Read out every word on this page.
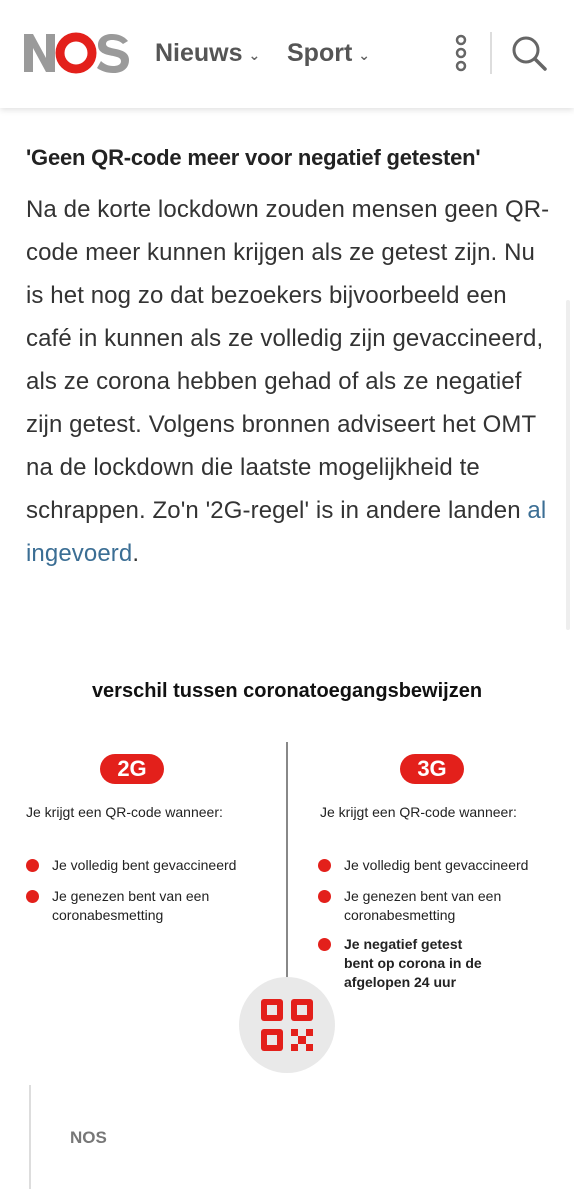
Nieuws ⌄ Sport ⌄
'Geen QR-code meer voor negatief getesten'

Na de korte lockdown zouden mensen geen QR-code meer kunnen krijgen als ze getest zijn. Nu is het nog zo dat bezoekers bijvoorbeeld een café in kunnen als ze volledig zijn gevaccineerd, als ze corona hebben gehad of als ze negatief zijn getest. Volgens bronnen adviseert het OMT na de lockdown die laatste mogelijkheid te schrappen. Zo'n '2G-regel' is in andere landen al ingevoerd.

verschil tussen coronatoegangsbewijzen
2G	3G
Je krijgt een QR-code wanneer:	Je krijgt een QR-code wanneer:
Je volledig bent gevaccineerd
Je genezen bent van een
coronabesmetting
Je volledig bent gevaccineerd
Je genezen bent van een
coronabesmetting
Je negatief getest
bent op corona in de
afgelopen 24 uur
NOS
